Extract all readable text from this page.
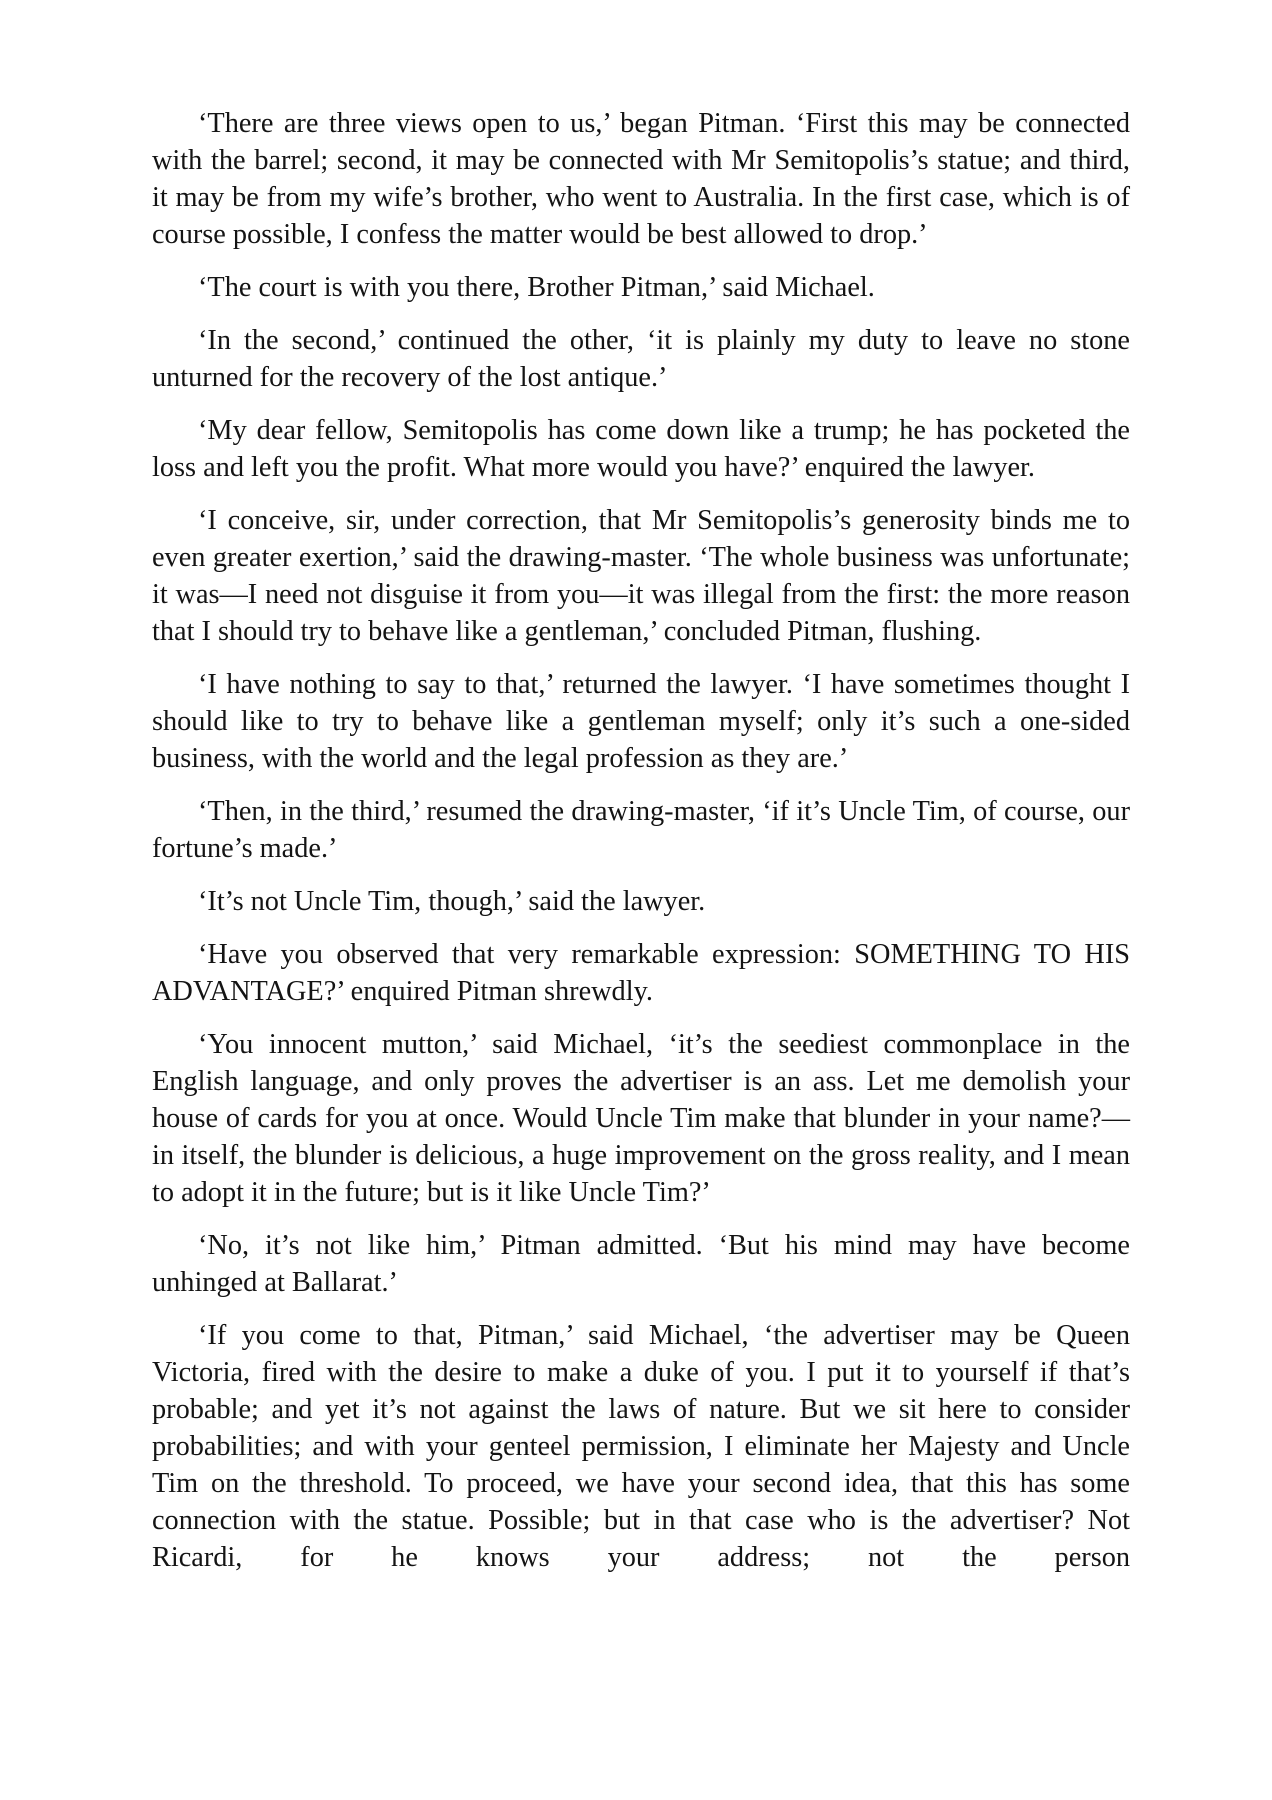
‘There are three views open to us,’ began Pitman. ‘First this may be connected with the barrel; second, it may be connected with Mr Semitopolis’s statue; and third, it may be from my wife’s brother, who went to Australia. In the first case, which is of course possible, I confess the matter would be best allowed to drop.’

‘The court is with you there, Brother Pitman,’ said Michael.

‘In the second,’ continued the other, ‘it is plainly my duty to leave no stone unturned for the recovery of the lost antique.’

‘My dear fellow, Semitopolis has come down like a trump; he has pocketed the loss and left you the profit. What more would you have?’ enquired the lawyer.

‘I conceive, sir, under correction, that Mr Semitopolis’s generosity binds me to even greater exertion,’ said the drawing-master. ‘The whole business was unfortunate; it was—I need not disguise it from you—it was illegal from the first: the more reason that I should try to behave like a gentleman,’ concluded Pitman, flushing.

‘I have nothing to say to that,’ returned the lawyer. ‘I have sometimes thought I should like to try to behave like a gentleman myself; only it’s such a one-sided business, with the world and the legal profession as they are.’

‘Then, in the third,’ resumed the drawing-master, ‘if it’s Uncle Tim, of course, our fortune’s made.’

‘It’s not Uncle Tim, though,’ said the lawyer.

‘Have you observed that very remarkable expression: SOMETHING TO HIS ADVANTAGE?’ enquired Pitman shrewdly.

‘You innocent mutton,’ said Michael, ‘it’s the seediest commonplace in the English language, and only proves the advertiser is an ass. Let me demolish your house of cards for you at once. Would Uncle Tim make that blunder in your name?—in itself, the blunder is delicious, a huge improvement on the gross reality, and I mean to adopt it in the future; but is it like Uncle Tim?’

‘No, it’s not like him,’ Pitman admitted. ‘But his mind may have become unhinged at Ballarat.’

‘If you come to that, Pitman,’ said Michael, ‘the advertiser may be Queen Victoria, fired with the desire to make a duke of you. I put it to yourself if that’s probable; and yet it’s not against the laws of nature. But we sit here to consider probabilities; and with your genteel permission, I eliminate her Majesty and Uncle Tim on the threshold. To proceed, we have your second idea, that this has some connection with the statue. Possible; but in that case who is the advertiser? Not Ricardi, for he knows your address; not the person
